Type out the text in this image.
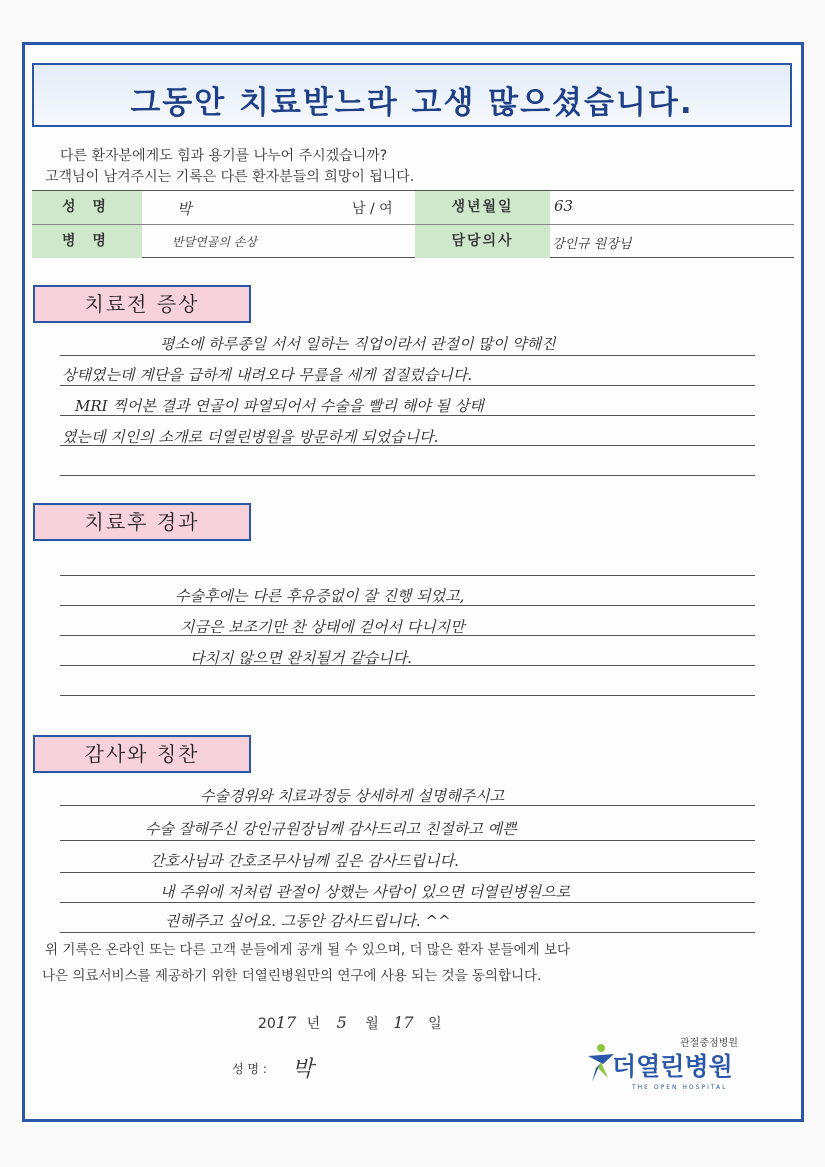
그동안 치료받느라 고생 많으셨습니다.
다른 환자분에게도 힘과 용기를 나누어 주시겠습니까?
고객님이 남겨주시는 기록은 다른 환자분들의 희망이 됩니다.
성 명	박	남 / 여	생년월일	63
병 명	반달연골의 손상	담당의사	강인규 원장님
치료전 증상
평소에 하루종일 서서 일하는 직업이라서 관절이 많이 약해진
상태였는데 계단을 급하게 내려오다 무릎을 세게 접질렀습니다.
MRI 찍어본 결과 연골이 파열되어서 수술을 빨리 해야 될 상태
였는데 지인의 소개로 더열린병원을 방문하게 되었습니다.
치료후 경과
수술후에는 다른 후유증없이 잘 진행 되었고,
지금은 보조기만 찬 상태에 걷어서 다니지만
다치지 않으면 완치될거 같습니다.
감사와 칭찬
수술경위와 치료과정등 상세하게 설명해주시고
수술 잘해주신 강인규원장님께 감사드리고 친절하고 예쁜
간호사님과 간호조무사님께 깊은 감사드립니다.
내 주위에 저처럼 관절이 상했는 사람이 있으면 더열린병원으로
권해주고 싶어요. 그동안 감사드립니다. ^^
위 기록은 온라인 또는 다른 고객 분들에게 공개 될 수 있으며, 더 많은 환자 분들에게 보다
나은 의료서비스를 제공하기 위한 더열린병원만의 연구에 사용 되는 것을 동의합니다.
2017 년 5 월 17 일
성 명 : 박
관절중점병원
더열린병원
THE OPEN HOSPITAL
